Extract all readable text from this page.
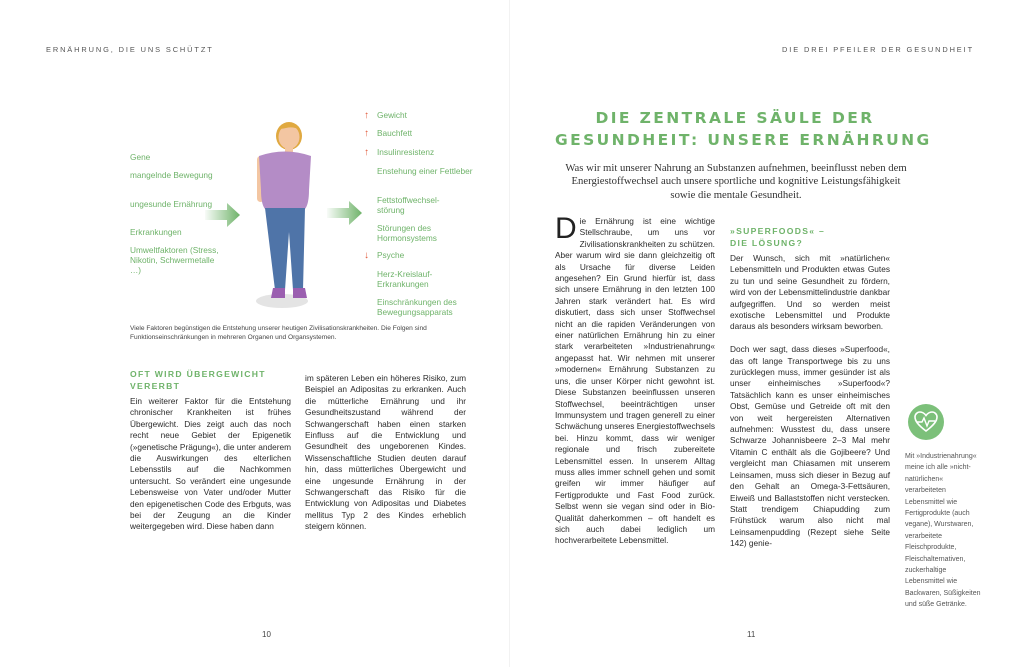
ERNÄHRUNG, DIE UNS SCHÜTZT
Gene
mangelnde Bewegung
ungesunde Ernährung
Erkrankungen
Umweltfaktoren (Stress, Nikotin, Schwermetalle …)
↑ Gewicht
↑ Bauchfett
↑ Insulinresistenz
Enstehung einer Fettleber
Fettstoffwechsel-störung
Störungen des Hormonsystems
↓ Psyche
Herz-Kreislauf-Erkrankungen
Einschränkungen des Bewegungsapparats
Viele Faktoren begünstigen die Entstehung unserer heutigen Zivilisationskrankheiten. Die Folgen sind Funktionseinschränkungen in mehreren Organen und Organsystemen.
OFT WIRD ÜBERGEWICHT VERERBT
Ein weiterer Faktor für die Entstehung chronischer Krankheiten ist frühes Übergewicht. Dies zeigt auch das noch recht neue Gebiet der Epigenetik (»genetische Prägung«), die unter anderem die Auswirkungen des elterlichen Lebensstils auf die Nachkommen untersucht. So verändert eine ungesunde Lebensweise von Vater und/oder Mutter den epigenetischen Code des Erbguts, was bei der Zeugung an die Kinder weitergegeben wird. Diese haben dann
im späteren Leben ein höheres Risiko, zum Beispiel an Adipositas zu erkranken. Auch die mütterliche Ernährung und ihr Gesundheitszustand während der Schwangerschaft haben einen starken Einfluss auf die Entwicklung und Gesundheit des ungeborenen Kindes. Wissenschaftliche Studien deuten darauf hin, dass mütterliches Übergewicht und eine ungesunde Ernährung in der Schwangerschaft das Risiko für die Entwicklung von Adipositas und Diabetes mellitus Typ 2 des Kindes erheblich steigern können.
10
DIE DREI PFEILER DER GESUNDHEIT
DIE ZENTRALE SÄULE DER
GESUNDHEIT: UNSERE ERNÄHRUNG
Was wir mit unserer Nahrung an Substanzen aufnehmen, beeinflusst neben dem Energiestoffwechsel auch unsere sportliche und kognitive Leistungsfähigkeit sowie die mentale Gesundheit.
Die Ernährung ist eine wichtige Stellschraube, um uns vor Zivilisationskrankheiten zu schützen. Aber warum wird sie dann gleichzeitig oft als Ursache für diverse Leiden angesehen? Ein Grund hierfür ist, dass sich unsere Ernährung in den letzten 100 Jahren stark verändert hat. Es wird diskutiert, dass sich unser Stoffwechsel nicht an die rapiden Veränderungen von einer natürlichen Ernährung hin zu einer stark verarbeiteten »Industrienahrung« angepasst hat. Wir nehmen mit unserer »modernen« Ernährung Substanzen zu uns, die unser Körper nicht gewohnt ist. Diese Substanzen beeinflussen unseren Stoffwechsel, beeinträchtigen unser Immunsystem und tragen generell zu einer Schwächung unseres Energiestoffwechsels bei. Hinzu kommt, dass wir weniger regionale und frisch zubereitete Lebensmittel essen. In unserem Alltag muss alles immer schnell gehen und somit greifen wir immer häufiger auf Fertigprodukte und Fast Food zurück. Selbst wenn sie vegan sind oder in Bio-Qualität daherkommen – oft handelt es sich auch dabei lediglich um hochverarbeitete Lebensmittel.
»SUPERFOODS« –
DIE LÖSUNG?
Der Wunsch, sich mit »natürlichen« Lebensmitteln und Produkten etwas Gutes zu tun und seine Gesundheit zu fördern, wird von der Lebensmittelindustrie dankbar aufgegriffen. Und so werden meist exotische Lebensmittel und Produkte daraus als besonders wirksam beworben.
Doch wer sagt, dass dieses »Superfood«, das oft lange Transportwege bis zu uns zurücklegen muss, immer gesünder ist als unser einheimisches »Superfood«? Tatsächlich kann es unser einheimisches Obst, Gemüse und Getreide oft mit den von weit hergereisten Alternativen aufnehmen: Wusstest du, dass unsere Schwarze Johannisbeere 2–3 Mal mehr Vitamin C enthält als die Gojibeere? Und vergleicht man Chiasamen mit unserem Leinsamen, muss sich dieser in Bezug auf den Gehalt an Omega-3-Fettsäuren, Eiweiß und Ballaststoffen nicht verstecken. Statt trendigem Chiapudding zum Frühstück warum also nicht mal Leinsamenpudding (Rezept siehe Seite 142) genie-
Mit »Industrienahrung« meine ich alle »nicht-natürlichen« verarbeiteten Lebensmittel wie Fertigprodukte (auch vegane), Wurstwaren, verarbeitete Fleischprodukte, Fleischalternativen, zuckerhaltige Lebensmittel wie Backwaren, Süßigkeiten und süße Getränke.
11
